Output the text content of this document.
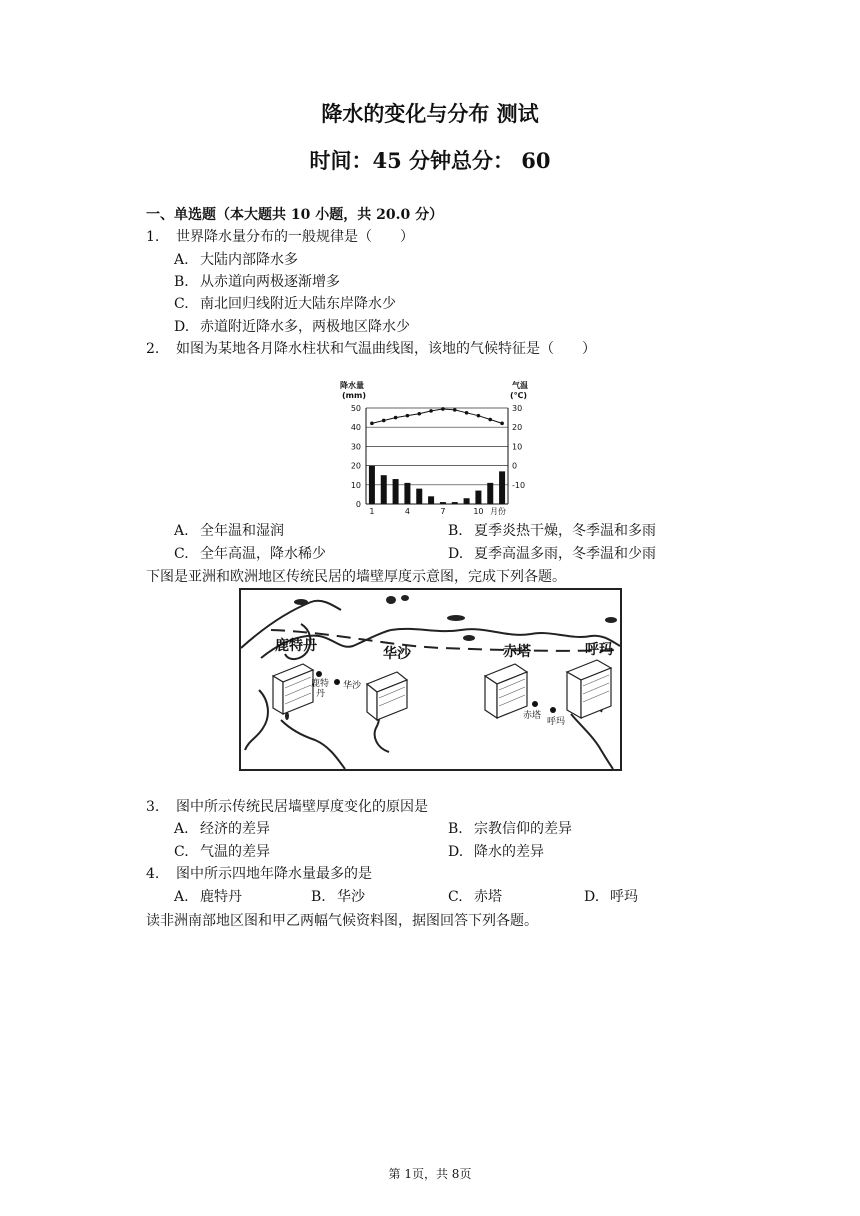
降水的变化与分布 测试
时间：45 分钟总分： 60
一、单选题（本大题共 10 小题，共 20.0 分）
1. 世界降水量分布的一般规律是（　　）
A. 大陆内部降水多
B. 从赤道向两极逐渐增多
C. 南北回归线附近大陆东岸降水少
D. 赤道附近降水多，两极地区降水少
2. 如图为某地各月降水柱状和气温曲线图，该地的气候特征是（　　）
0
10
20
30
40
50
-10
0
10
20
30
降水量
(mm)
气温
(℃)
1	4	7	10 月份
A. 全年温和湿润	B. 夏季炎热干燥，冬季温和多雨
C. 全年高温，降水稀少	D. 夏季高温多雨，冬季温和少雨
下图是亚洲和欧洲地区传统民居的墙壁厚度示意图，完成下列各题。
鹿特丹	华沙	赤塔	呼玛
鹿特
丹
华沙
赤塔
呼玛
3. 图中所示传统民居墙壁厚度变化的原因是
A. 经济的差异	B. 宗教信仰的差异
C. 气温的差异	D. 降水的差异
4. 图中所示四地年降水量最多的是
A. 鹿特丹	B. 华沙	C. 赤塔	D. 呼玛
读非洲南部地区图和甲乙两幅气候资料图，据图回答下列各题。
第 1页，共 8页
